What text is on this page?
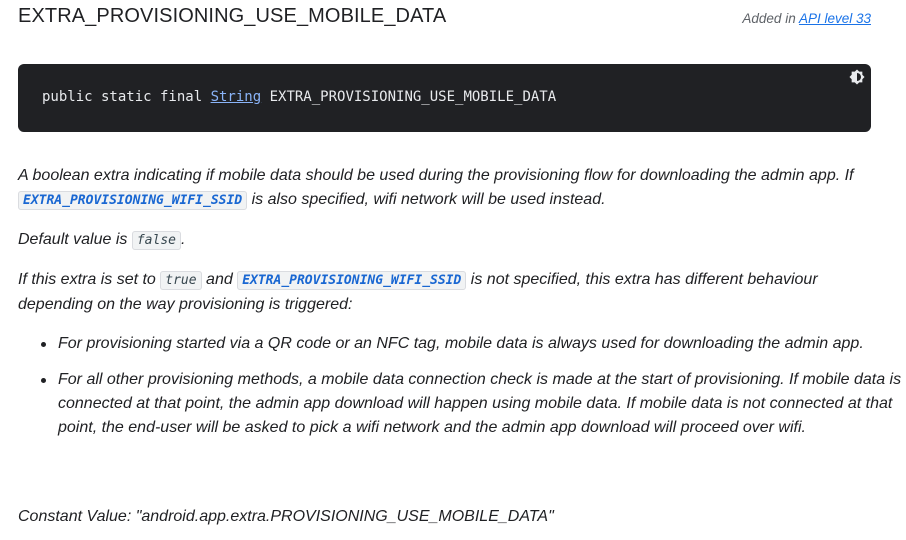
EXTRA_PROVISIONING_USE_MOBILE_DATA	Added in API level 33
public static final String EXTRA_PROVISIONING_USE_MOBILE_DATA
A boolean extra indicating if mobile data should be used during the provisioning flow for downloading the admin app. If EXTRA_PROVISIONING_WIFI_SSID is also specified, wifi network will be used instead.
Default value is false .
If this extra is set to true and EXTRA_PROVISIONING_WIFI_SSID is not specified, this extra has different behaviour depending on the way provisioning is triggered:
For provisioning started via a QR code or an NFC tag, mobile data is always used for downloading the admin app.
For all other provisioning methods, a mobile data connection check is made at the start of provisioning. If mobile data is connected at that point, the admin app download will happen using mobile data. If mobile data is not connected at that point, the end-user will be asked to pick a wifi network and the admin app download will proceed over wifi.
Constant Value: "android.app.extra.PROVISIONING_USE_MOBILE_DATA"
